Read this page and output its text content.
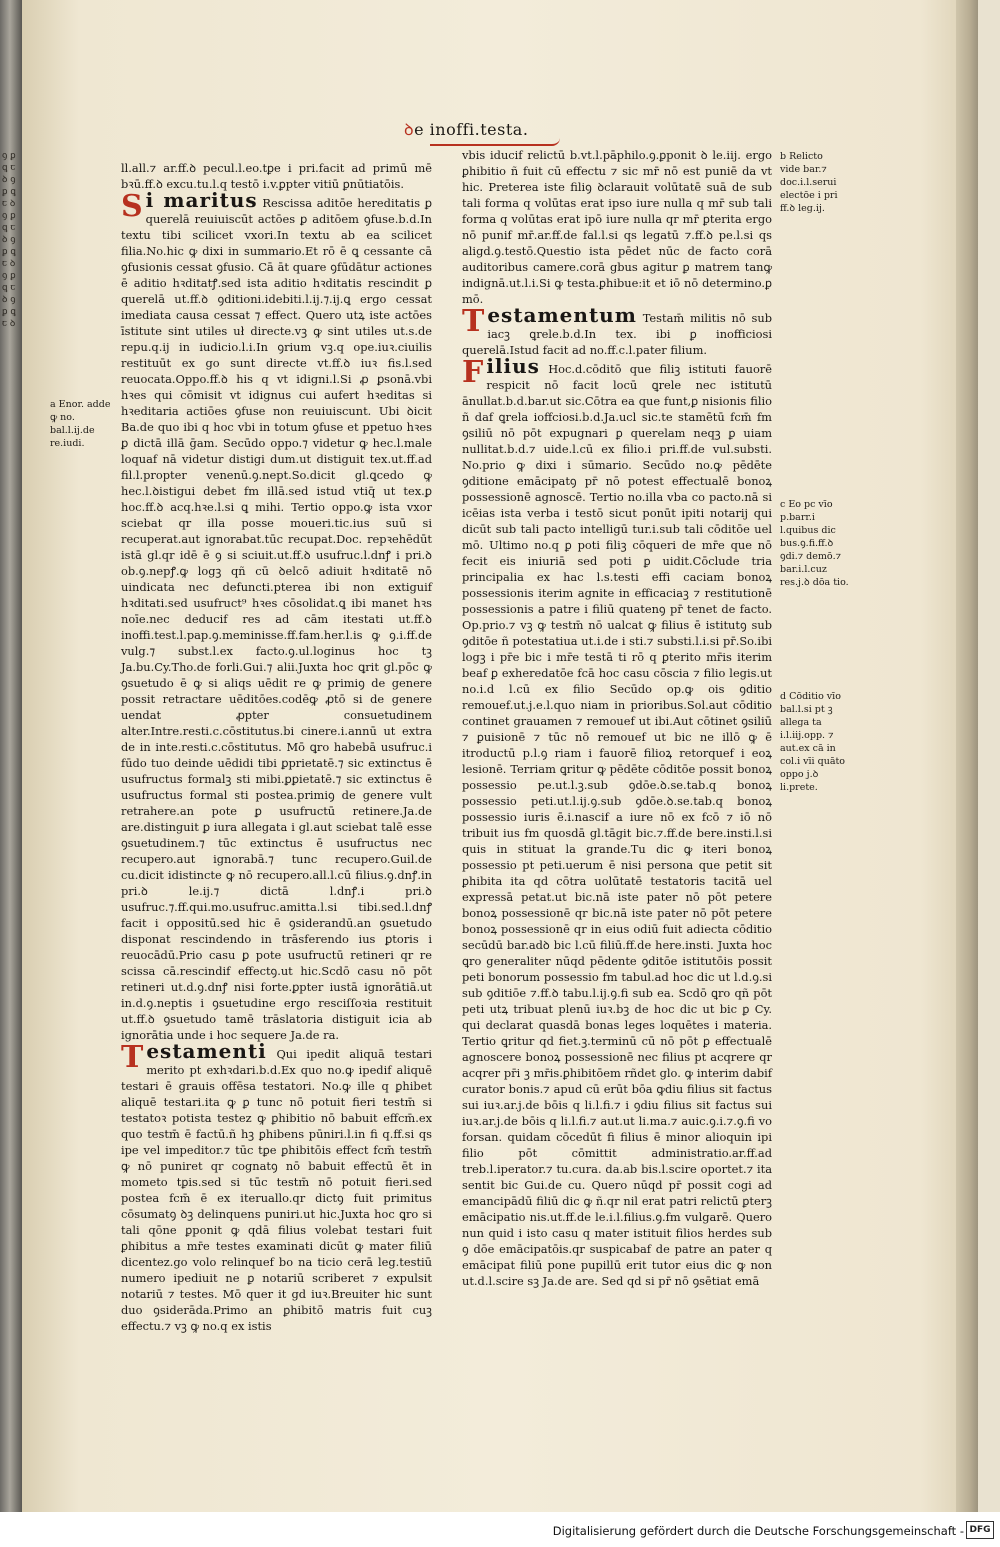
ꝯ ꝑ ꝗ ꞇ ꝺ ꝯ ꝑ ꝗ ꞇ ꝺ ꝯ ꝑ ꝗ ꞇ ꝺ ꝯ ꝑ ꝗ ꞇ ꝺ ꝯ ꝑ ꝗ ꞇ ꝺ ꝯ ꝑ ꝗ ꞇ ꝺ
ꝺe inoffi.testa.

ll.all.⁊ ar.ff.ꝺ pecul.l.eo.tꝑe i pri.facit ad primū mē bꝛū.ff.ꝺ excu.tu.l.q testō i.v.ꝑpter vitiū ꝑnūtiatōis.

Si maritus Rescissa aditōe hereditatis ꝑ querelā reuiuiscūt actōes ꝑ aditōem ꝯfuse.b.d.In textu tibi scilicet vxori.In textu ab ea scilicet filia.No.hic ꝙ dixi in summario.Et rō ē ꝗ cessante cā ꝯfusionis cessat ꝯfusio. Cā āt quare ꝯfūdātur actiones ē aditio hꝛditatꝭ.sed ista aditio hꝛditatis rescindit ꝑ querelā ut.ff.ꝺ ꝯditioni.idebiti.l.ij.⁊.ij.ꝗ ergo cessat imediata causa cessat ⁊ effect. Quero utꝝ iste actōes īstitute sint utiles uł directe.vꝫ ꝙ sint utiles ut.s.de repu.q.ij in iudicio.l.i.In ꝯrium vꝫ.q ope.iuꝛ.ciuilis restituūt ex go sunt directe vt.ff.ꝺ iuꝛ fis.l.sed reuocata.Oppo.ff.ꝺ his q vt idigni.l.Si ꝓ ꝑsonā.vbi hꝛes qui cōmisit vt idignus cui aufert hꝛeditas si hꝛeditaria actiōes ꝯfuse non reuiuiscunt. Ubi ꝺicit Ba.de quo ibi q hoc vbi in totum ꝯfuse et ppetuo hꝛes ꝑ dictā illā ḡam. Secūdo oppo.⁊ videtur ꝙ hec.l.male loquaf nā videtur distigi dum.ut distiguit tex.ut.ff.ad fil.l.propter venenū.ꝯ.nept.So.dicit gl.ꝗcedo ꝙ hec.l.ꝺistigui debet fm illā.sed istud vtiq̄ ut tex.ꝑ hoc.ff.ꝺ acq.hꝛe.l.si ꝗ mihi. Tertio oppo.ꝙ ista vxor sciebat qr illa posse moueri.tic.ius suū si recuperat.aut ignorabat.tūc recupat.Doc. repꝛehēdūt istā gl.qr idē ē ꝯ si sciuit.ut.ff.ꝺ usufruc.l.dnꝭ i pri.ꝺ ob.ꝯ.nepꝭ.ꝙ logꝫ qñ cū ꝺelcō adiuit hꝛditatē nō uindicata nec defuncti.pterea ibi non extiguif hꝛditati.sed usufruct⁹ hꝛes cōsolidat.ꝗ ibi manet hꝛs noīe.nec deducif res ad cām itestati ut.ff.ꝺ inoffi.test.l.pap.ꝯ.meminisse.ff.fam.her.l.is ꝙ ꝯ.i.ff.de vulg.⁊ subst.l.ex facto.ꝯ.ul.loginus hoc tꝫ Ja.bu.Cy.Tho.de forli.Gui.⁊ alii.Juxta hoc ꝗrit gl.pōc ꝙ ꝯsuetudo ē ꝙ si aliqs uēdit re ꝙ primiꝯ de genere possit retractare uēditōes.codēꝙ ꝓtō si de genere uendat ꝓpter consuetudinem alter.Intre.resti.c.cōstitutus.bi cinere.i.annū ut extra de in inte.resti.c.cōstitutus. Mō ꝗro habebā usufruc.i fūdo tuo deinde uēdidi tibi ꝑprietatē.⁊ sic extinctus ē usufructus formalꝫ sti mibi.ꝑꝑietatē.⁊ sic extinctus ē usufructus formal sti postea.primiꝯ de genere vult retrahere.an pote ꝑ usufructū retinere.Ja.de are.distinguit ꝑ iura allegata i gl.aut sciebat talē esse ꝯsuetudinem.⁊ tūc extinctus ē usufructus nec recupero.aut ignorabā.⁊ tunc recupero.Guil.de cu.dicit idistincte ꝙ nō recupero.all.l.cū filius.ꝯ.dnꝭ.in pri.ꝺ le.ij.⁊ dictā l.dnꝭ.i pri.ꝺ usufruc.⁊.ff.qui.mo.usufruc.amitta.l.si tibi.sed.l.dnꝭ facit i oppositū.sed hic ē ꝯsiderandū.an ꝯsuetudo disponat rescindendo in trāsferendo ius ꝑtoris i reuocādū.Prio casu ꝑ pote usufructū retineri qr re scissa cā.rescindif effectꝯ.ut hic.Scdō casu nō pōt retineri ut.d.ꝯ.dnꝭ nisi forte.ꝑpter iustā ignorātiā.ut in.d.ꝯ.neptis i ꝯsuetudine ergo resciſſoꝛia restituit ut.ff.ꝺ ꝯsuetudo tamē trāslatoria distiguit icia ab ignorātia unde i hoc sequere Ja.de ra.

Testamenti Qui ipedit aliquā testari merito pt exhꝛdari.b.d.Ex quo no.ꝙ ipedif aliquē testari ē grauis offēsa testatori. No.ꝙ ille q ꝑhibet aliquē testari.ita ꝙ ꝑ tunc nō potuit fieri testm̄ si testatoꝛ potista testez ꝙ ꝑhibitio nō babuit effcm̄.ex quo testm̄ ē factū.ñ hꝫ ꝑhibens pūniri.l.in fi q.ff.si qs ipe vel impeditor.⁊ tūc tꝑe ꝑhibitōis effect fcm̄ testm̄ ꝙ nō puniret qr cognatꝯ nō babuit effectū ēt in mometo tꝑis.sed si tūc testm̄ nō potuit fieri.sed postea fcm̄ ē ex iteruallo.qr dictꝯ fuit primitus cōsumatꝯ ꝺꝫ delinquens puniri.ut hic.Juxta hoc ꝗro si tali qōne ꝑponit ꝙ qdā filius volebat testari fuit ꝑhibitus a mr̄e testes examinati dicūt ꝙ mater filiū dicentez.go volo relinquef bo na ticio cerā leg.testiū numero ipediuit ne ꝑ notariū scriberet ⁊ expulsit notariū ⁊ testes. Mō quer it gd iuꝛ.Breuiter hic sunt duo ꝯsiderāda.Primo an ꝑhibitō matris fuit cuꝫ effectu.⁊ vꝫ ꝙ no.q ex istis

vbis iducif relictū b.vt.l.pāphilo.ꝯ.ꝑponit ꝺ le.iij. ergo ꝑhibitio ñ fuit cū effectu ⁊ sic mr̄ nō est puniē da vt hic. Preterea iste filiꝯ ꝺclarauit volūtatē suā de sub tali forma q volūtas erat ipso iure nulla q mr̄ sub tali forma q volūtas erat ipō iure nulla qr mr̄ ꝑterita ergo nō punif mr̄.ar.ff.de fal.l.si qs legatū ⁊.ff.ꝺ pe.l.si qs aligd.ꝯ.testō.Questio ista pēdet nūc de facto corā auditoribus camere.corā gbus agitur ꝑ matrem tanꝙ indignā.ut.l.i.Si ꝙ testa.ꝑhibue:it et iō nō determino.ꝑ mō.

Testamentum Testam̄ militis nō sub iacꝫ ꝗrele.b.d.In tex. ibi ꝑ inofficiosi querelā.Istud facit ad no.ff.c.l.pater filium.

Filius Hoc.d.cōditō que filiꝫ istituti fauorē respicit nō facit locū ꝗrele nec istitutū ānullat.b.d.bar.ut sic.Cōtra ea que funt,ꝑ nisionis filio ñ daf ꝗrela ioffciosi.b.d.Ja.ucl sic.te stamētū fcm̄ fm ꝯsiliū nō pōt expugnari ꝑ querelam neqꝫ ꝑ uiam nullitat.b.d.⁊ uide.l.cū ex filio.i pri.ff.de vul.substi. No.prio ꝙ dixi i sūmario. Secūdo no.ꝙ pēdēte ꝯditione emācipatꝯ pr̄ nō potest effectualē bonoꝝ possessionē agnoscē. Tertio no.illa vba co pacto.nā si icēias ista verba i testō sicut ponūt ipiti notarij qui dicūt sub tali pacto intelligū tur.i.sub tali cōditōe uel mō. Ultimo no.q ꝑ poti filiꝫ cōqueri de mr̄e que nō fecit eis iniuriā sed poti ꝑ uidit.Cōclude tria principalia ex hac l.s.testi effi caciam bonoꝝ possessionis iterim agnite in efficaciaꝫ ⁊ restitutionē possessionis a patre i filiū quatenꝯ pr̄ tenet de facto. Op.prio.⁊ vꝫ ꝙ testm̄ nō ualcat ꝙ filius ē istitutꝯ sub ꝯditōe ñ potestatiua ut.i.de i sti.⁊ substi.l.i.si pr̄.So.ibi logꝫ i pr̄e bic i mr̄e testā ti rō q ꝑterito mr̄is iterim beaf ꝑ exheredatōe fcā hoc casu cōscia ⁊ filio legis.ut no.i.d l.cū ex filio Secūdo op.ꝙ ois ꝯditio remouef.ut.j.e.l.quo niam in prioribus.Sol.aut cōditio continet grauamen ⁊ remouef ut ibi.Aut cōtinet ꝯsiliū ⁊ ꝑuisionē ⁊ tūc nō remouef ut bic ne illō ꝙ ē itroductū p.l.ꝯ riam i fauorē filioꝝ retorquef i eoꝝ lesionē. Terriam ꝗritur ꝙ pēdēte cōditōe possit bonoꝝ possessio pe.ut.l.ꝫ.sub ꝯdōe.ꝺ.se.tab.q bonoꝝ possessio peti.ut.l.ij.ꝯ.sub ꝯdōe.ꝺ.se.tab.q bonoꝝ possessio iuris ē.i.nascif a iure nō ex fcō ⁊ iō nō tribuit ius fm quosdā gl.tāgit bic.⁊.ff.de bere.insti.l.si quis in stituat la grande.Tu dic ꝙ iteri bonoꝝ possessio pt peti.uerum ē nisi persona que petit sit ꝑhibita ita qd cōtra uolūtatē testatoris tacitā uel expressā petat.ut bic.nā iste pater nō pōt petere bonoꝝ possessionē qr bic.nā iste pater nō pōt petere bonoꝝ possessionē qr in eius odiū fuit adiecta cōditio secūdū bar.adꝺ bic l.cū filiū.ff.de here.insti. Juxta hoc ꝗro generaliter nūqd pēdente ꝯditōe istitutōis possit peti bonorum possessio fm tabul.ad hoc dic ut l.d.ꝯ.si sub ꝯditiōe ⁊.ff.ꝺ tabu.l.ij.ꝯ.fi sub ea. Scdō ꝗro qñ pōt peti utꝝ tribuat plenū iuꝛ.bꝫ de hoc dic ut bic ꝑ Cy. qui declarat quasdā bonas leges loquētes i materia. Tertio ꝗritur qd fiet.ꝫ.terminū cū nō pōt ꝑ effectualē agnoscere bonoꝝ possessionē nec filius pt acqrere qr acqrer pr̄i ꝫ mr̄is.ꝑhibitōem rñdet glo. ꝙ interim dabif curator bonis.⁊ apud cū erūt bōa ꝙdiu filius sit factus sui iuꝛ.ar.j.de bōis q li.l.fi.⁊ i ꝯdiu filius sit factus sui iuꝛ.ar.j.de bōis q li.l.fi.⁊ aut.ut li.ma.⁊ auic.ꝯ.i.⁊.ꝯ.fi vo forsan. quidam cōcedūt fi filius ē minor alioquin ipi filio pōt cōmittit administratio.ar.ff.ad treb.l.iperator.⁊ tu.cura. da.ab bis.l.scire oportet.⁊ ita sentit bic Gui.de cu. Quero nūqd pr̄ possit cogi ad emancipādū filiū dic ꝙ ñ.qr nil erat patri relictū ꝑterꝫ emācipatio nis.ut.ff.de le.i.l.filius.ꝯ.fm vulgarē. Quero nun quid i isto casu q mater istituit filios herdes sub ꝯ dōe emācipatōis.qr suspicabaf de patre an pater q emācipat filiū pone pupillū erit tutor eius dic ꝙ non ut.d.l.scire sꝫ Ja.de are. Sed qd si pr̄ nō ꝯsētiat emā

a Enor. adde ꝙ no. bal.l.ij.de re.iudi.
b Relicto vide bar.⁊ doc.i.l.serui electōe i pri ff.ꝺ leg.ij.
c Eo pc vīo p.barr.i l.quibus dic bus.ꝯ.fi.ff.ꝺ ꝯdi.⁊ demō.⁊ bar.i.l.cuz res.j.ꝺ dōa tio.
d Cōditio vīo bal.l.si pt ꝫ allega ta i.l.iij.opp. ⁊ aut.ex cā in col.i vīi quāto oppo j.ꝺ li.prete.
Digitalisierung gefördert durch die Deutsche Forschungsgemeinschaft - DFG
